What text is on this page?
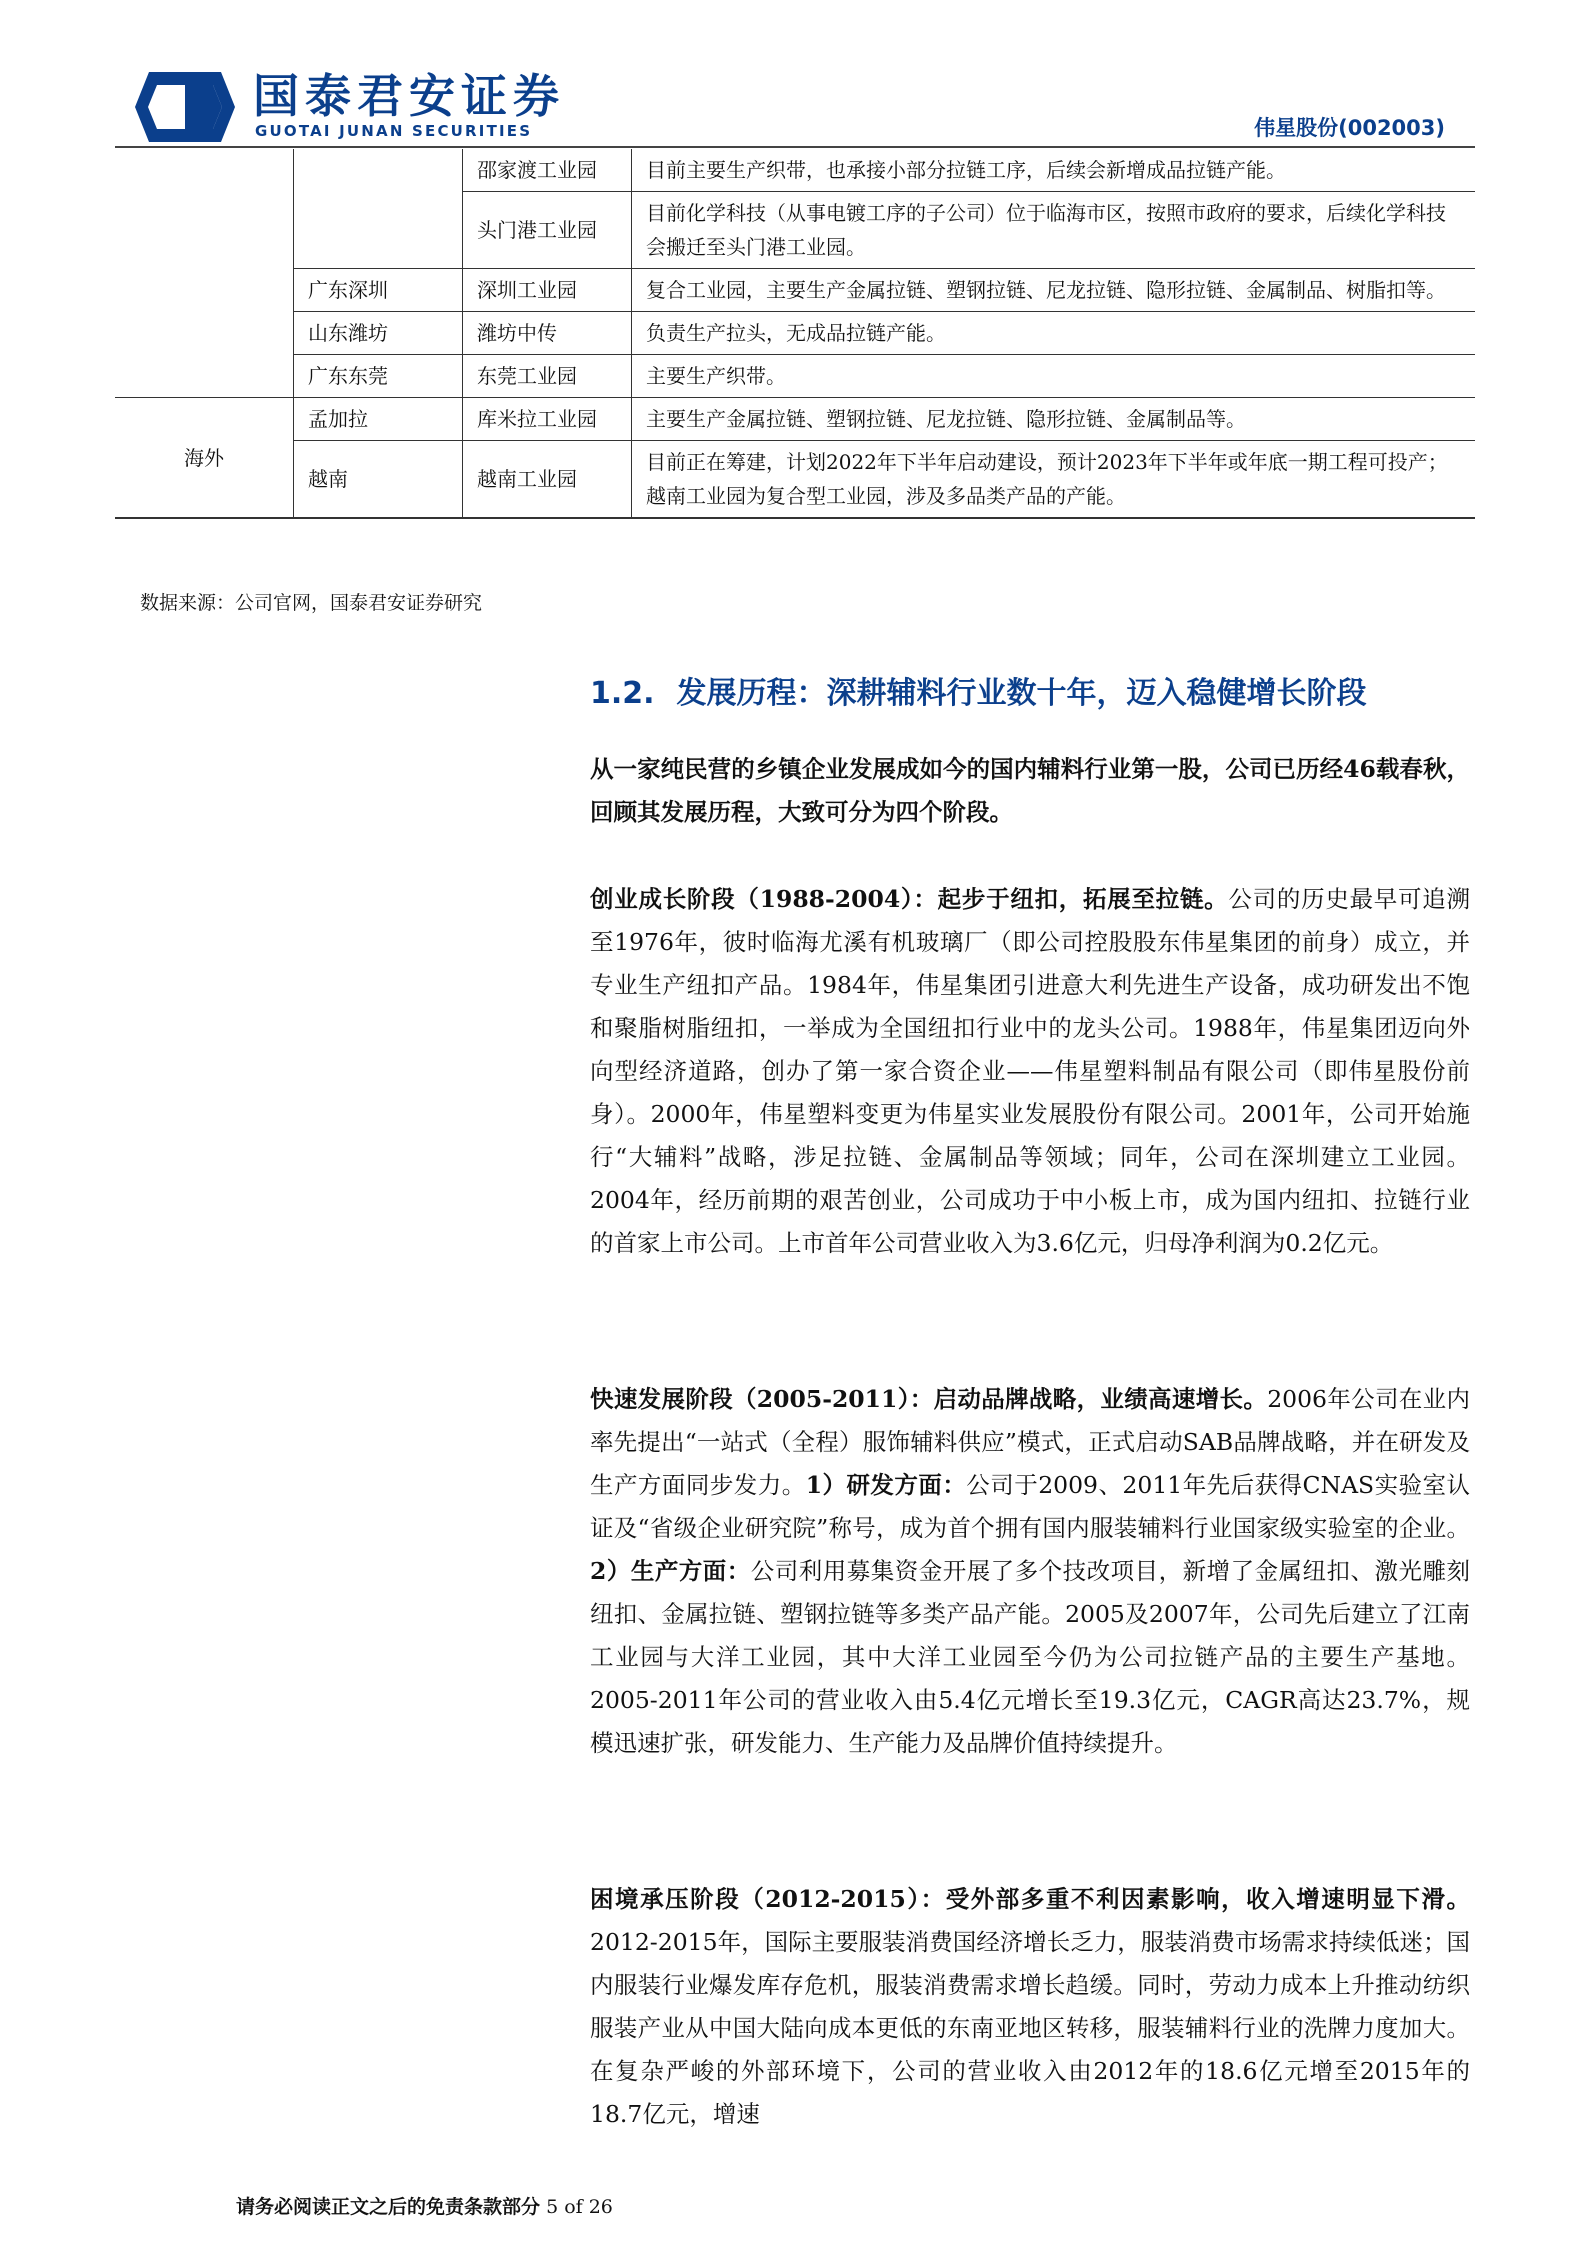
国泰君安证券
GUOTAI JUNAN SECURITIES	伟星股份(002003)
		邵家渡工业园	目前主要生产织带，也承接小部分拉链工序，后续会新增成品拉链产能。
		头门港工业园	目前化学科技（从事电镀工序的子公司）位于临海市区，按照市政府的要求，后续化学科技会搬迁至头门港工业园。
	广东深圳	深圳工业园	复合工业园，主要生产金属拉链、塑钢拉链、尼龙拉链、隐形拉链、金属制品、树脂扣等。
	山东潍坊	潍坊中传	负责生产拉头，无成品拉链产能。
	广东东莞	东莞工业园	主要生产织带。
海外	孟加拉	库米拉工业园	主要生产金属拉链、塑钢拉链、尼龙拉链、隐形拉链、金属制品等。
	越南	越南工业园	目前正在筹建，计划2022年下半年启动建设，预计2023年下半年或年底一期工程可投产；越南工业园为复合型工业园，涉及多品类产品的产能。
数据来源：公司官网，国泰君安证券研究
1.2. 发展历程：深耕辅料行业数十年，迈入稳健增长阶段

从一家纯民营的乡镇企业发展成如今的国内辅料行业第一股，公司已历经46载春秋，回顾其发展历程，大致可分为四个阶段。

创业成长阶段（1988-2004）：起步于纽扣，拓展至拉链。公司的历史最早可追溯至1976年，彼时临海尤溪有机玻璃厂（即公司控股股东伟星集团的前身）成立，并专业生产纽扣产品。1984年，伟星集团引进意大利先进生产设备，成功研发出不饱和聚脂树脂纽扣，一举成为全国纽扣行业中的龙头公司。1988年，伟星集团迈向外向型经济道路，创办了第一家合资企业——伟星塑料制品有限公司（即伟星股份前身）。2000年，伟星塑料变更为伟星实业发展股份有限公司。2001年，公司开始施行“大辅料”战略，涉足拉链、金属制品等领域；同年，公司在深圳建立工业园。2004年，经历前期的艰苦创业，公司成功于中小板上市，成为国内纽扣、拉链行业的首家上市公司。上市首年公司营业收入为3.6亿元，归母净利润为0.2亿元。

快速发展阶段（2005-2011）：启动品牌战略，业绩高速增长。2006年公司在业内率先提出“一站式（全程）服饰辅料供应”模式，正式启动SAB品牌战略，并在研发及生产方面同步发力。1）研发方面：公司于2009、2011年先后获得CNAS实验室认证及“省级企业研究院”称号，成为首个拥有国内服装辅料行业国家级实验室的企业。2）生产方面：公司利用募集资金开展了多个技改项目，新增了金属纽扣、激光雕刻纽扣、金属拉链、塑钢拉链等多类产品产能。2005及2007年，公司先后建立了江南工业园与大洋工业园，其中大洋工业园至今仍为公司拉链产品的主要生产基地。2005-2011年公司的营业收入由5.4亿元增长至19.3亿元，CAGR高达23.7%，规模迅速扩张，研发能力、生产能力及品牌价值持续提升。

困境承压阶段（2012-2015）：受外部多重不利因素影响，收入增速明显下滑。2012-2015年，国际主要服装消费国经济增长乏力，服装消费市场需求持续低迷；国内服装行业爆发库存危机，服装消费需求增长趋缓。同时，劳动力成本上升推动纺织服装产业从中国大陆向成本更低的东南亚地区转移，服装辅料行业的洗牌力度加大。在复杂严峻的外部环境下，公司的营业收入由2012年的18.6亿元增至2015年的18.7亿元，增速

请务必阅读正文之后的免责条款部分 5 of 26
